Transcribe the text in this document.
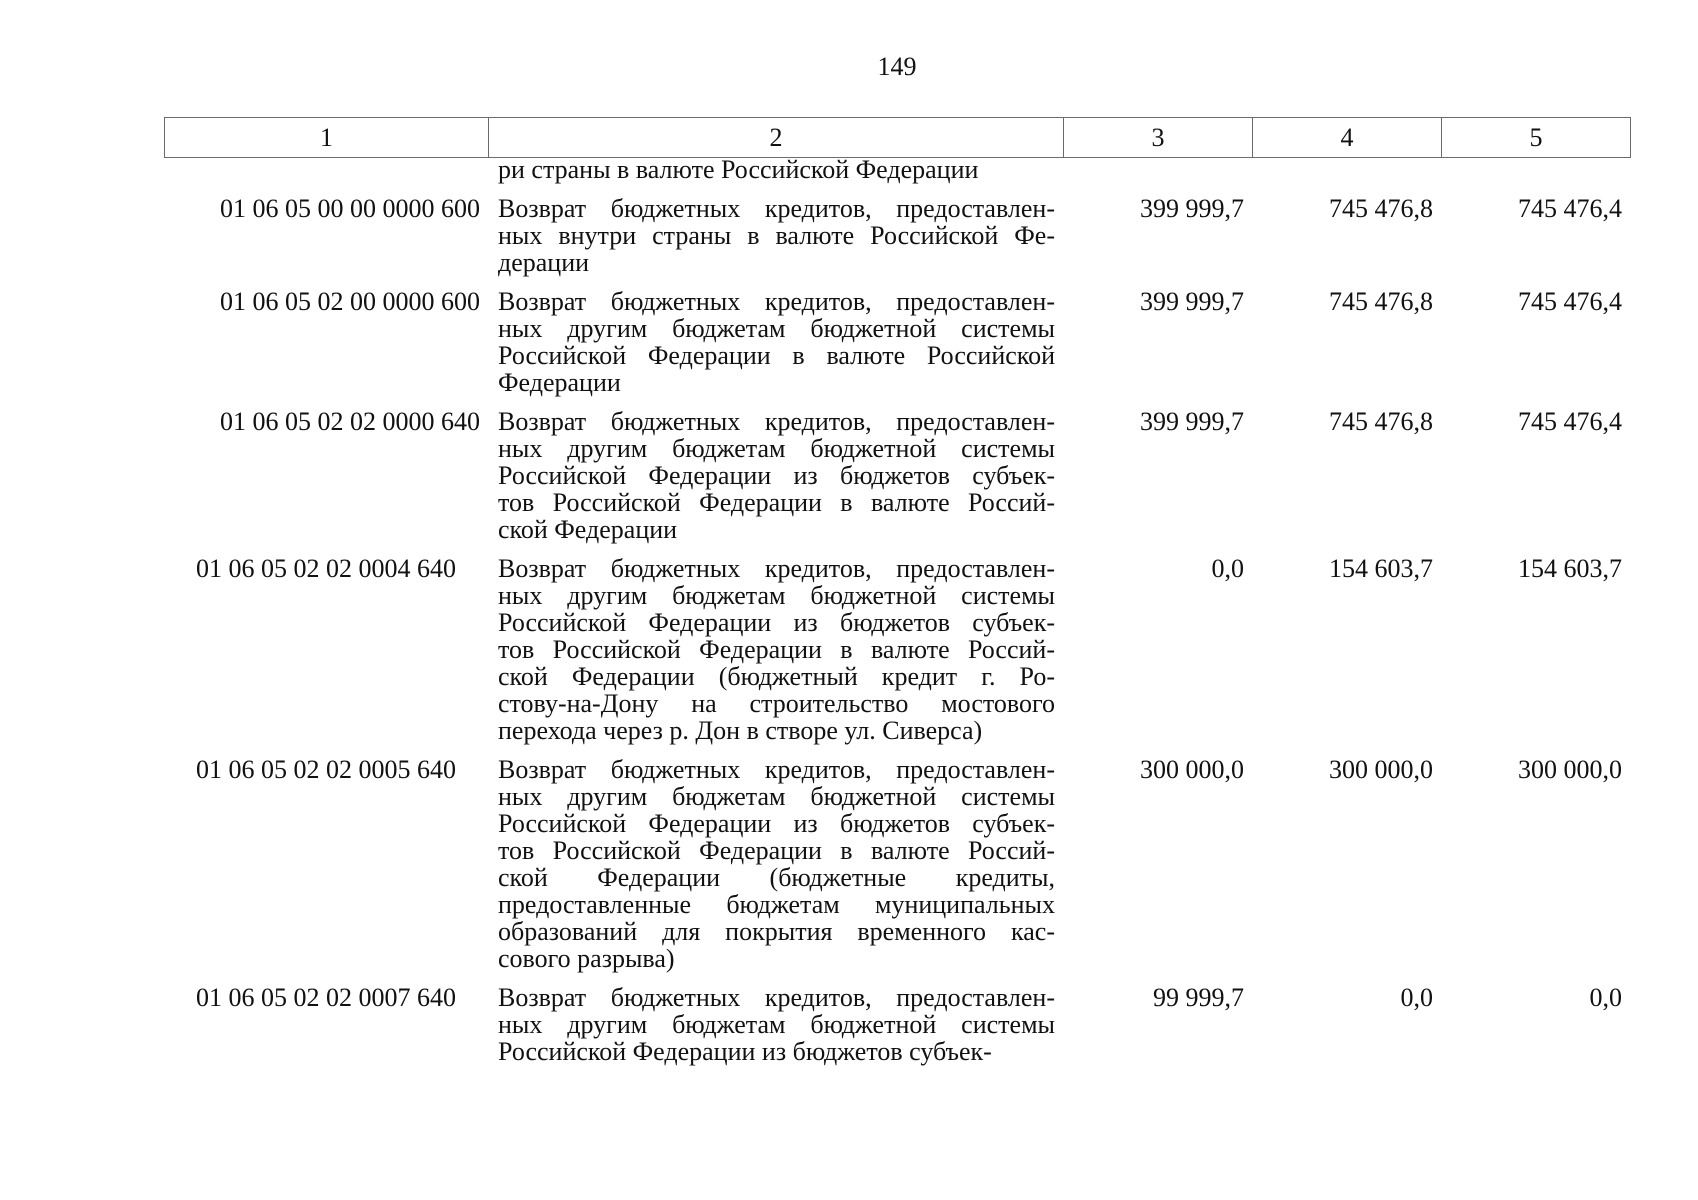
149
1	2	3	4	5
ри страны в валюте Российской Федерации
01 06 05 00 00 0000 600 Возврат бюджетных кредитов, предоставлен-
ных внутри страны в валюте Российской Фе-
дерации
399 999,7	745 476,8	745 476,4
01 06 05 02 00 0000 600 Возврат бюджетных кредитов, предоставлен-
ных другим бюджетам бюджетной системы
Российской Федерации в валюте Российской
Федерации
399 999,7	745 476,8	745 476,4
01 06 05 02 02 0000 640 Возврат бюджетных кредитов, предоставлен-
ных другим бюджетам бюджетной системы
Российской Федерации из бюджетов субъек-
тов Российской Федерации в валюте Россий-
ской Федерации
399 999,7	745 476,8	745 476,4
01 06 05 02 02 0004 640	Возврат бюджетных кредитов, предоставлен-
ных другим бюджетам бюджетной системы
Российской Федерации из бюджетов субъек-
тов Российской Федерации в валюте Россий-
ской Федерации (бюджетный кредит г. Ро-
стову-на-Дону на строительство мостового
перехода через р. Дон в створе ул. Сиверса)
0,0	154 603,7	154 603,7
01 06 05 02 02 0005 640	Возврат бюджетных кредитов, предоставлен-
ных другим бюджетам бюджетной системы
Российской Федерации из бюджетов субъек-
тов Российской Федерации в валюте Россий-
ской Федерации (бюджетные кредиты,
предоставленные бюджетам муниципальных
образований для покрытия временного кас-
сового разрыва)
300 000,0	300 000,0	300 000,0
01 06 05 02 02 0007 640	Возврат бюджетных кредитов, предоставлен-
ных другим бюджетам бюджетной системы
Российской Федерации из бюджетов субъек-
99 999,7	0,0	0,0
